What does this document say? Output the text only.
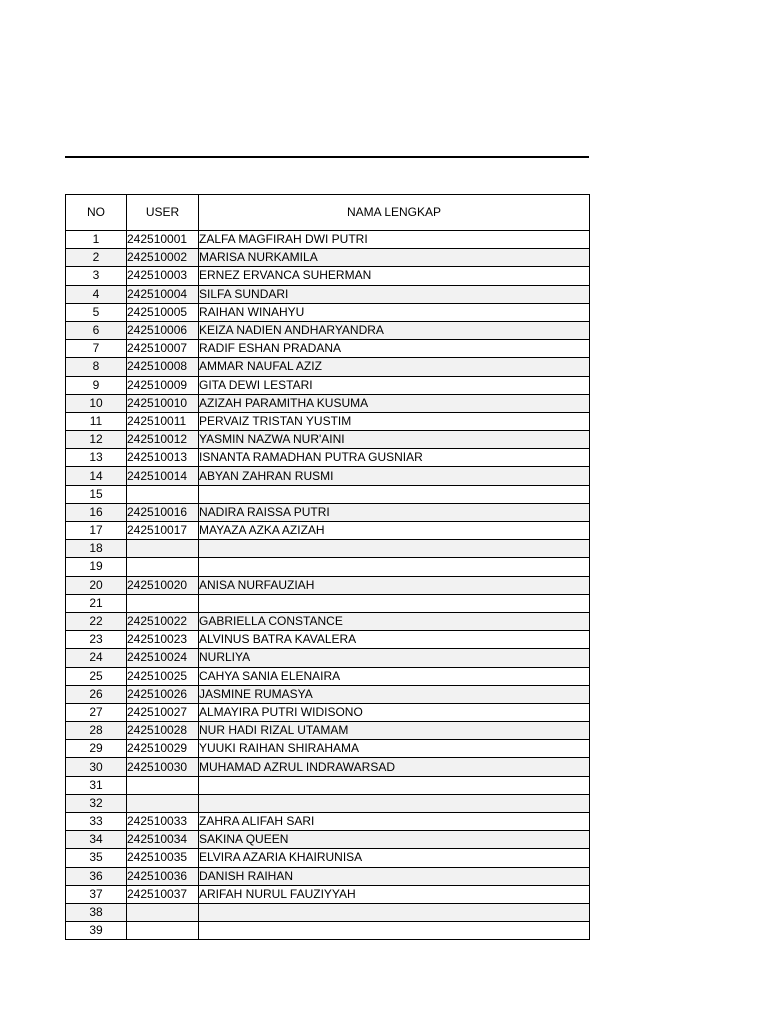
NO	USER	NAMA LENGKAP
1	242510001	ZALFA MAGFIRAH DWI PUTRI
2	242510002	MARISA NURKAMILA
3	242510003	ERNEZ ERVANCA SUHERMAN
4	242510004	SILFA SUNDARI
5	242510005	RAIHAN WINAHYU
6	242510006	KEIZA NADIEN ANDHARYANDRA
7	242510007	RADIF ESHAN PRADANA
8	242510008	AMMAR NAUFAL AZIZ
9	242510009	GITA DEWI LESTARI
10	242510010	AZIZAH PARAMITHA KUSUMA
11	242510011	PERVAIZ TRISTAN YUSTIM
12	242510012	YASMIN NAZWA NUR'AINI
13	242510013	ISNANTA RAMADHAN PUTRA GUSNIAR
14	242510014	ABYAN ZAHRAN RUSMI
15		
16	242510016	NADIRA RAISSA PUTRI
17	242510017	MAYAZA AZKA AZIZAH
18		
19		
20	242510020	ANISA NURFAUZIAH
21		
22	242510022	GABRIELLA CONSTANCE
23	242510023	ALVINUS BATRA KAVALERA
24	242510024	NURLIYA
25	242510025	CAHYA SANIA ELENAIRA
26	242510026	JASMINE RUMASYA
27	242510027	ALMAYIRA PUTRI WIDISONO
28	242510028	NUR HADI RIZAL UTAMAM
29	242510029	YUUKI RAIHAN SHIRAHAMA
30	242510030	MUHAMAD AZRUL INDRAWARSAD
31		
32		
33	242510033	ZAHRA ALIFAH SARI
34	242510034	SAKINA QUEEN
35	242510035	ELVIRA AZARIA KHAIRUNISA
36	242510036	DANISH RAIHAN
37	242510037	ARIFAH NURUL FAUZIYYAH
38		
39		
